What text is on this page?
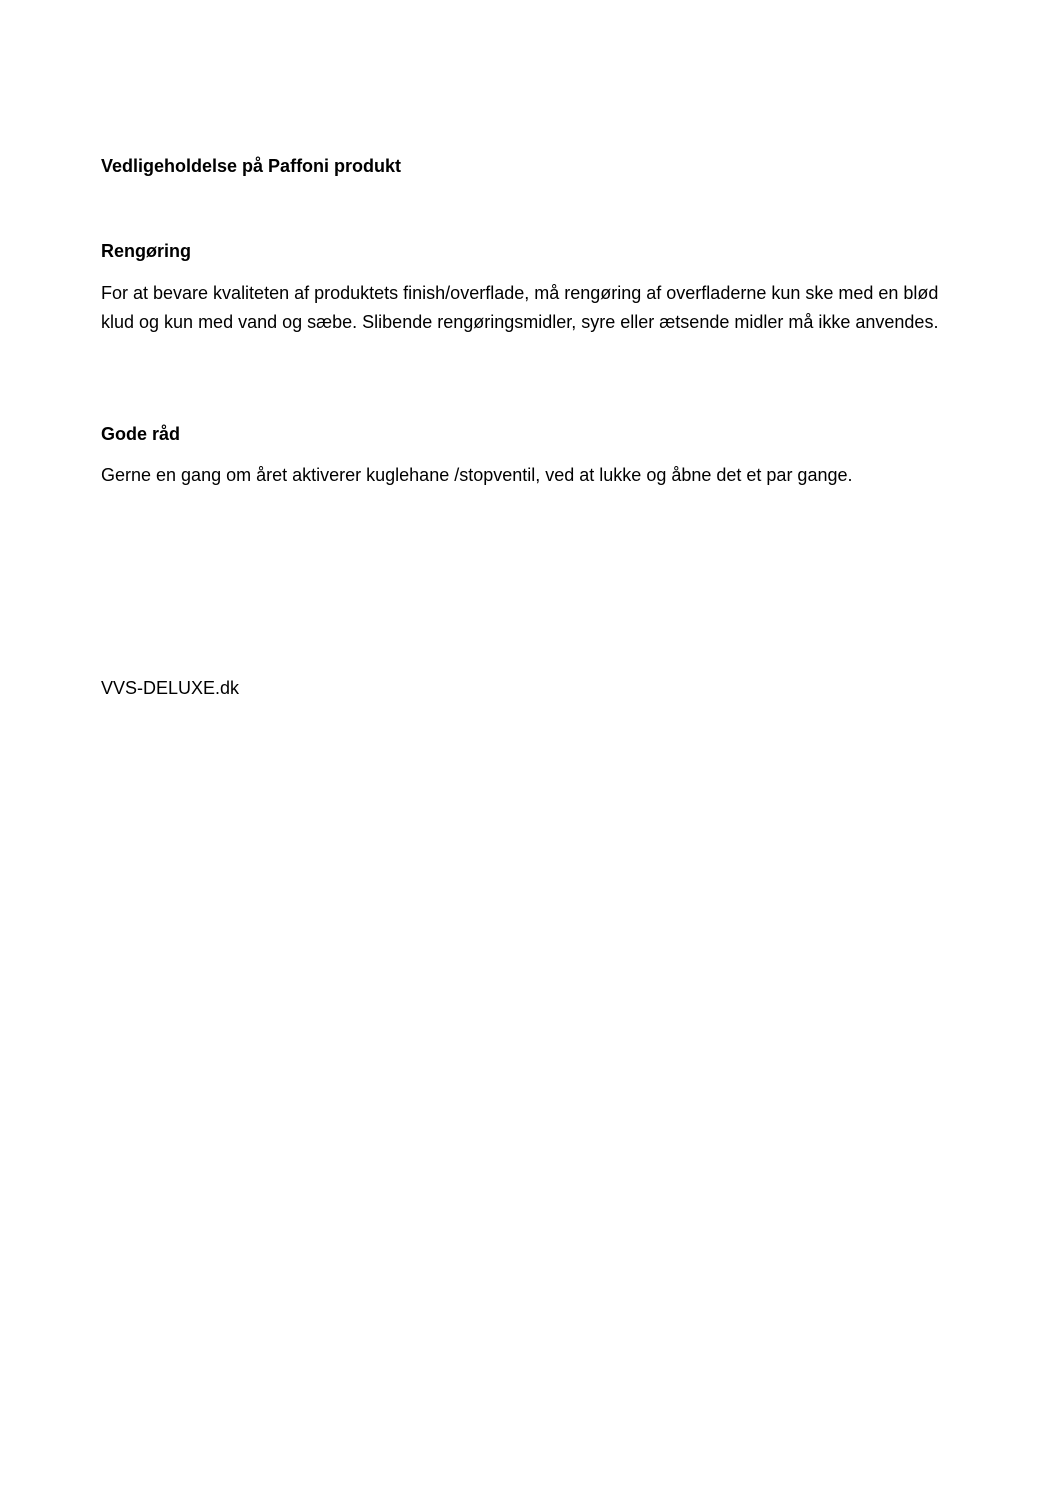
Vedligeholdelse på Paffoni produkt

Rengøring

For at bevare kvaliteten af produktets finish/overflade, må rengøring af overfladerne kun ske med en blød klud og kun med vand og sæbe. Slibende rengøringsmidler, syre eller ætsende midler må ikke anvendes.

Gode råd

Gerne en gang om året aktiverer kuglehane /stopventil, ved at lukke og åbne det et par gange.

VVS-DELUXE.dk
